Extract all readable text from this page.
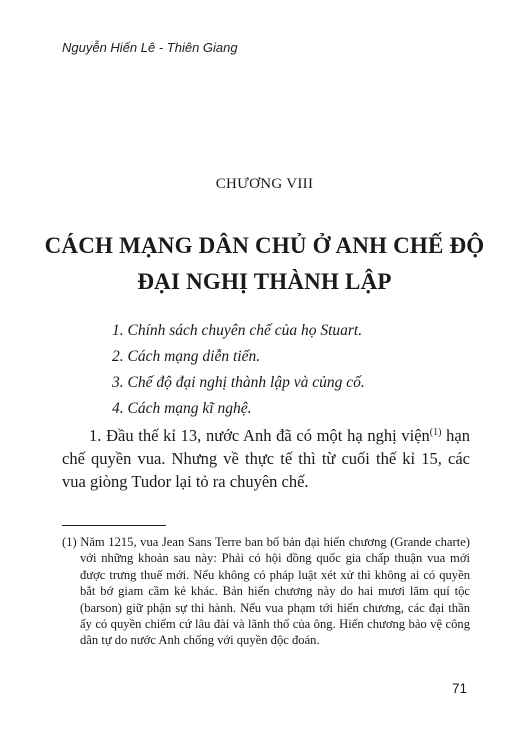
Nguyễn Hiến Lê - Thiên Giang
CHƯƠNG VIII
CÁCH MẠNG DÂN CHỦ Ở ANH CHẾ ĐỘ ĐẠI NGHỊ THÀNH LẬP
1. Chính sách chuyên chế của họ Stuart.
2. Cách mạng diễn tiến.
3. Chế độ đại nghị thành lập và củng cố.
4. Cách mạng kĩ nghệ.

1. Đầu thế kỉ 13, nước Anh đã có một hạ nghị viện$^{(1)}$ hạn chế quyền vua. Nhưng về thực tế thì từ cuối thế kỉ 15, các vua giòng Tudor lại tỏ ra chuyên chế.

(1) Năm 1215, vua Jean Sans Terre ban bố bản đại hiến chương (Grande charte) với những khoản sau này: Phải có hội đồng quốc gia chấp thuận vua mới được trưng thuế mới. Nếu không có pháp luật xét xử thì không ai có quyền bắt bớ giam cầm kẻ khác. Bản hiến chương này do hai mươi lăm quí tộc (barson) giữ phận sự thi hành. Nếu vua phạm tới hiến chương, các đại thần ấy có quyền chiếm cứ lâu đài và lãnh thổ của ông. Hiến chương bảo vệ công dân tự do nước Anh chống với quyền độc đoán.

71
